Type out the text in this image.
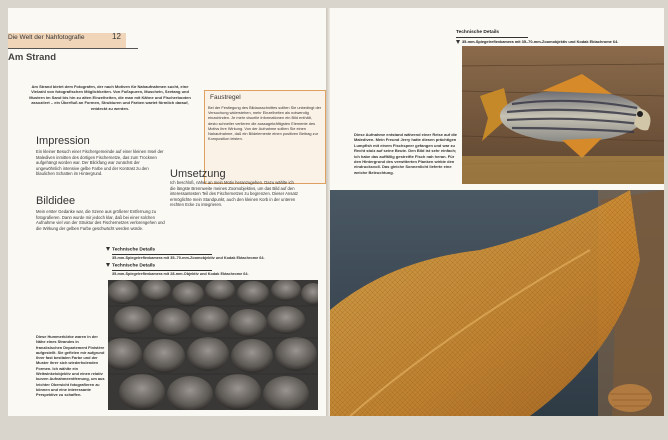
Die Welt der Nahfotografie	12
Am Strand
Am Strand bietet dem Fotografen, der nach Motiven für Nahaufnahmen sucht, eine Vielzahl von fotografischen Möglichkeiten. Von Fußspuren, Muscheln, Seetang und Mustern im Sand bis hin zu alten Einzelheiten, die man mit Kähne und Fischerbooten assoziiert – ein Überfluß an Formen, Strukturen und Farben wartet förmlich darauf, entdeckt zu werden.
Impression
Ein kleiner Besuch einer Fischergemeinde auf einer kleinen Insel der Malediven inmitten des dortigen Fischernetze, das zum Trocknen aufgehängt worden war. Der Blickfang war zunächst der ungewöhnlich intensive gelbe Farbe und der Kontrast zu den blaulichen Schatten im Hintergrund.
Bildidee
Mein erster Gedanke war, die Szene aus größerer Entfernung zu fotografieren. Dann wurde mir jedoch klar, daß bei einer solchen Aufnahme viel von der Struktur des Fischernetzes verlorengehen und die Wirkung der gelben Farbe geschwächt werden würde.
Faustregel
Bei der Festlegung des Bildausschnittes sollten Sie unbedingt der Versuchung widerstehen, mehr Einzelheiten als notwendig einzubinden. Je mehr visuelle Informationen ein Bild enthält, desto schneller verlieren die aussagekräftigsten Elemente des Motivs ihre Wirkung. Von der Aufnahme sollten Sie einen Nahaufnahme, daß ein Bildelemente einen positiven Beitrag zur Komposition leisten.
Umsetzung
Ich beschloß, näher an mein Motiv heranzugehen. Dazu wählte ich die längste Brennweite meines Zoomobjektivs, um das Bild auf den interessantesten Teil des Fischernetzes zu begrenzen. Dieser Ansatz ermöglichte mein Standpunkt, auch den kleinen Korb in der unteren rechten Ecke zu integrieren.
Technische Details
35-mm-Spiegelreflexkamera mit 35–70-mm-Zoomobjektiv und Kodak Ektachrome 64.
Technische Details
35-mm-Spiegelreflexkamera mit 28-mm-Objektiv und Kodak Ektachrome 64.
Diese Hummerkörbe waren in der Nähe eines Strandes in französischen Departement Finistère aufgestellt. Sie gefielen mir aufgrund ihrer fast bestialen Farbe und der Muster ihrer sich wiederholenden Formen. Ich wählte ein Weitwinkelobjektiv und einen relativ kurzen Aufnahmeentfernung, um aus leichter Obersicht fotografieren zu können und eine interessante Perspektive zu schaffen.
Technische Details
35-mm-Spiegelreflexkamera mit 35–70-mm-Zoomobjektiv und Kodak Ektachrome 64.
Diese Aufnahme entstand während einer Reise auf die Malediven. Mein Freund Jerry hatte diesen prächtigen Lumpfish mit einem Fischspeer gefangen und war zu Recht stolz auf seine Beute. Den Bild ist sehr einfach; ich habe das auffällig gestreifte Fisch nah heran. Für den Hintergrund des verwitterten Planken wirkte den eindrucksvoll. Das gleiche Sonnenlicht lieferte eine weiche Beleuchtung.
